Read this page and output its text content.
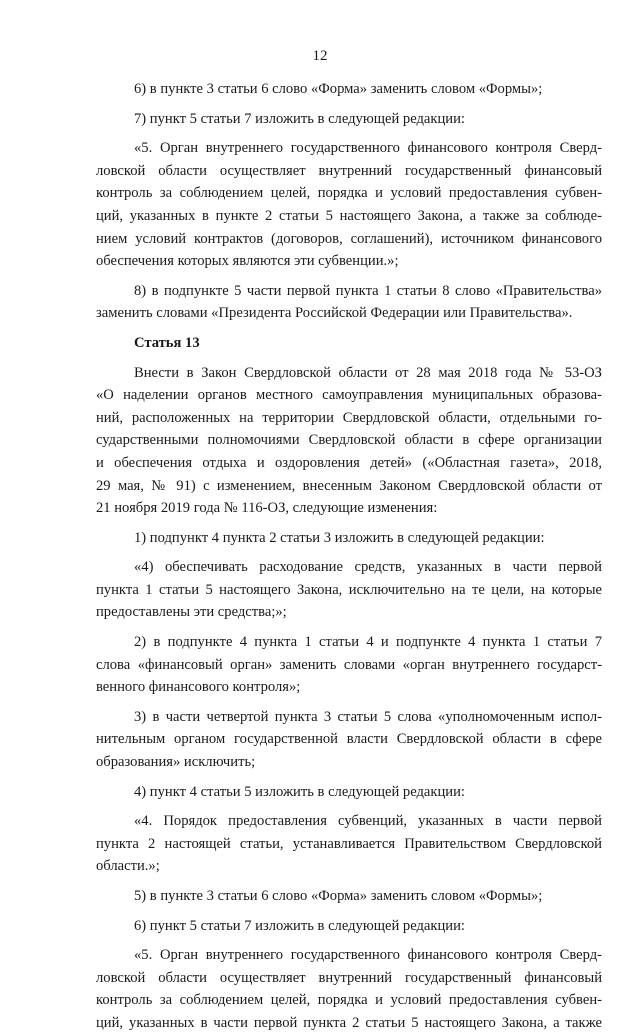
12
6) в пункте 3 статьи 6 слово «Форма» заменить словом «Формы»;
7) пункт 5 статьи 7 изложить в следующей редакции:
«5. Орган внутреннего государственного финансового контроля Сверд-
ловской области осуществляет внутренний государственный финансовый
контроль за соблюдением целей, порядка и условий предоставления субвен-
ций, указанных в пункте 2 статьи 5 настоящего Закона, а также за соблюде-
нием условий контрактов (договоров, соглашений), источником финансового
обеспечения которых являются эти субвенции.»;
8) в подпункте 5 части первой пункта 1 статьи 8 слово «Правительства»
заменить словами «Президента Российской Федерации или Правительства».
Статья 13
Внести в Закон Свердловской области от 28 мая 2018 года № 53-ОЗ
«О наделении органов местного самоуправления муниципальных образова-
ний, расположенных на территории Свердловской области, отдельными го-
сударственными полномочиями Свердловской области в сфере организации
и обеспечения отдыха и оздоровления детей» («Областная газета», 2018,
29 мая, № 91) с изменением, внесенным Законом Свердловской области от
21 ноября 2019 года № 116-ОЗ, следующие изменения:
1) подпункт 4 пункта 2 статьи 3 изложить в следующей редакции:
«4) обеспечивать расходование средств, указанных в части первой
пункта 1 статьи 5 настоящего Закона, исключительно на те цели, на которые
предоставлены эти средства;»;
2) в подпункте 4 пункта 1 статьи 4 и подпункте 4 пункта 1 статьи 7
слова «финансовый орган» заменить словами «орган внутреннего государст-
венного финансового контроля»;
3) в части четвертой пункта 3 статьи 5 слова «уполномоченным испол-
нительным органом государственной власти Свердловской области в сфере
образования» исключить;
4) пункт 4 статьи 5 изложить в следующей редакции:
«4. Порядок предоставления субвенций, указанных в части первой
пункта 2 настоящей статьи, устанавливается Правительством Свердловской
области.»;
5) в пункте 3 статьи 6 слово «Форма» заменить словом «Формы»;
6) пункт 5 статьи 7 изложить в следующей редакции:
«5. Орган внутреннего государственного финансового контроля Сверд-
ловской области осуществляет внутренний государственный финансовый
контроль за соблюдением целей, порядка и условий предоставления субвен-
ций, указанных в части первой пункта 2 статьи 5 настоящего Закона, а также
